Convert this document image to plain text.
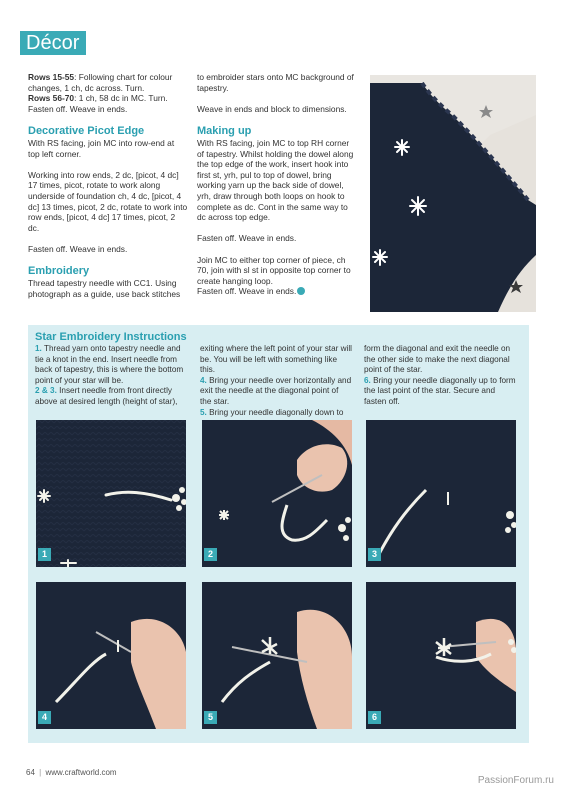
Décor

Rows 15-55: Following chart for colour changes, 1 ch, dc across. Turn.
Rows 56-70: 1 ch, 58 dc in MC. Turn.
Fasten off. Weave in ends.

Decorative Picot Edge

With RS facing, join MC into row-end at top left corner.

Working into row ends, 2 dc, [picot, 4 dc] 17 times, picot, rotate to work along underside of foundation ch, 4 dc, [picot, 4 dc] 13 times, picot, 2 dc, rotate to work into row ends, [picot, 4 dc] 17 times, picot, 2 dc.

Fasten off. Weave in ends.

Embroidery

Thread tapestry needle with CC1. Using photograph as a guide, use back stitches

to embroider stars onto MC background of tapestry.

Weave in ends and block to dimensions.

Making up

With RS facing, join MC to top RH corner of tapestry. Whilst holding the dowel along the top edge of the work, insert hook into first st, yrh, pul to top of dowel, bring working yarn up the back side of dowel, yrh, draw through both loops on hook to complete as dc. Cont in the same way to dc across top edge.

Fasten off. Weave in ends.

Join MC to either top corner of piece, ch 70, join with sl st in opposite top corner to create hanging loop.

Fasten off. Weave in ends.

Star Embroidery Instructions
1. Thread yarn onto tapestry needle and tie a knot in the end. Insert needle from back of tapestry, this is where the bottom point of your star will be.
2 & 3. Insert needle from front directly above at desired length (height of star),
exiting where the left point of your star will be. You will be left with something like this.
4. Bring your needle over horizontally and exit the needle at the diagonal point of the star.
5. Bring your needle diagonally down to
form the diagonal and exit the needle on the other side to make the next diagonal point of the star.
6. Bring your needle diagonally up to form the last point of the star. Secure and fasten off.
1	2	3
4	5	6
64 | www.craftworld.com
PassionForum.ru
